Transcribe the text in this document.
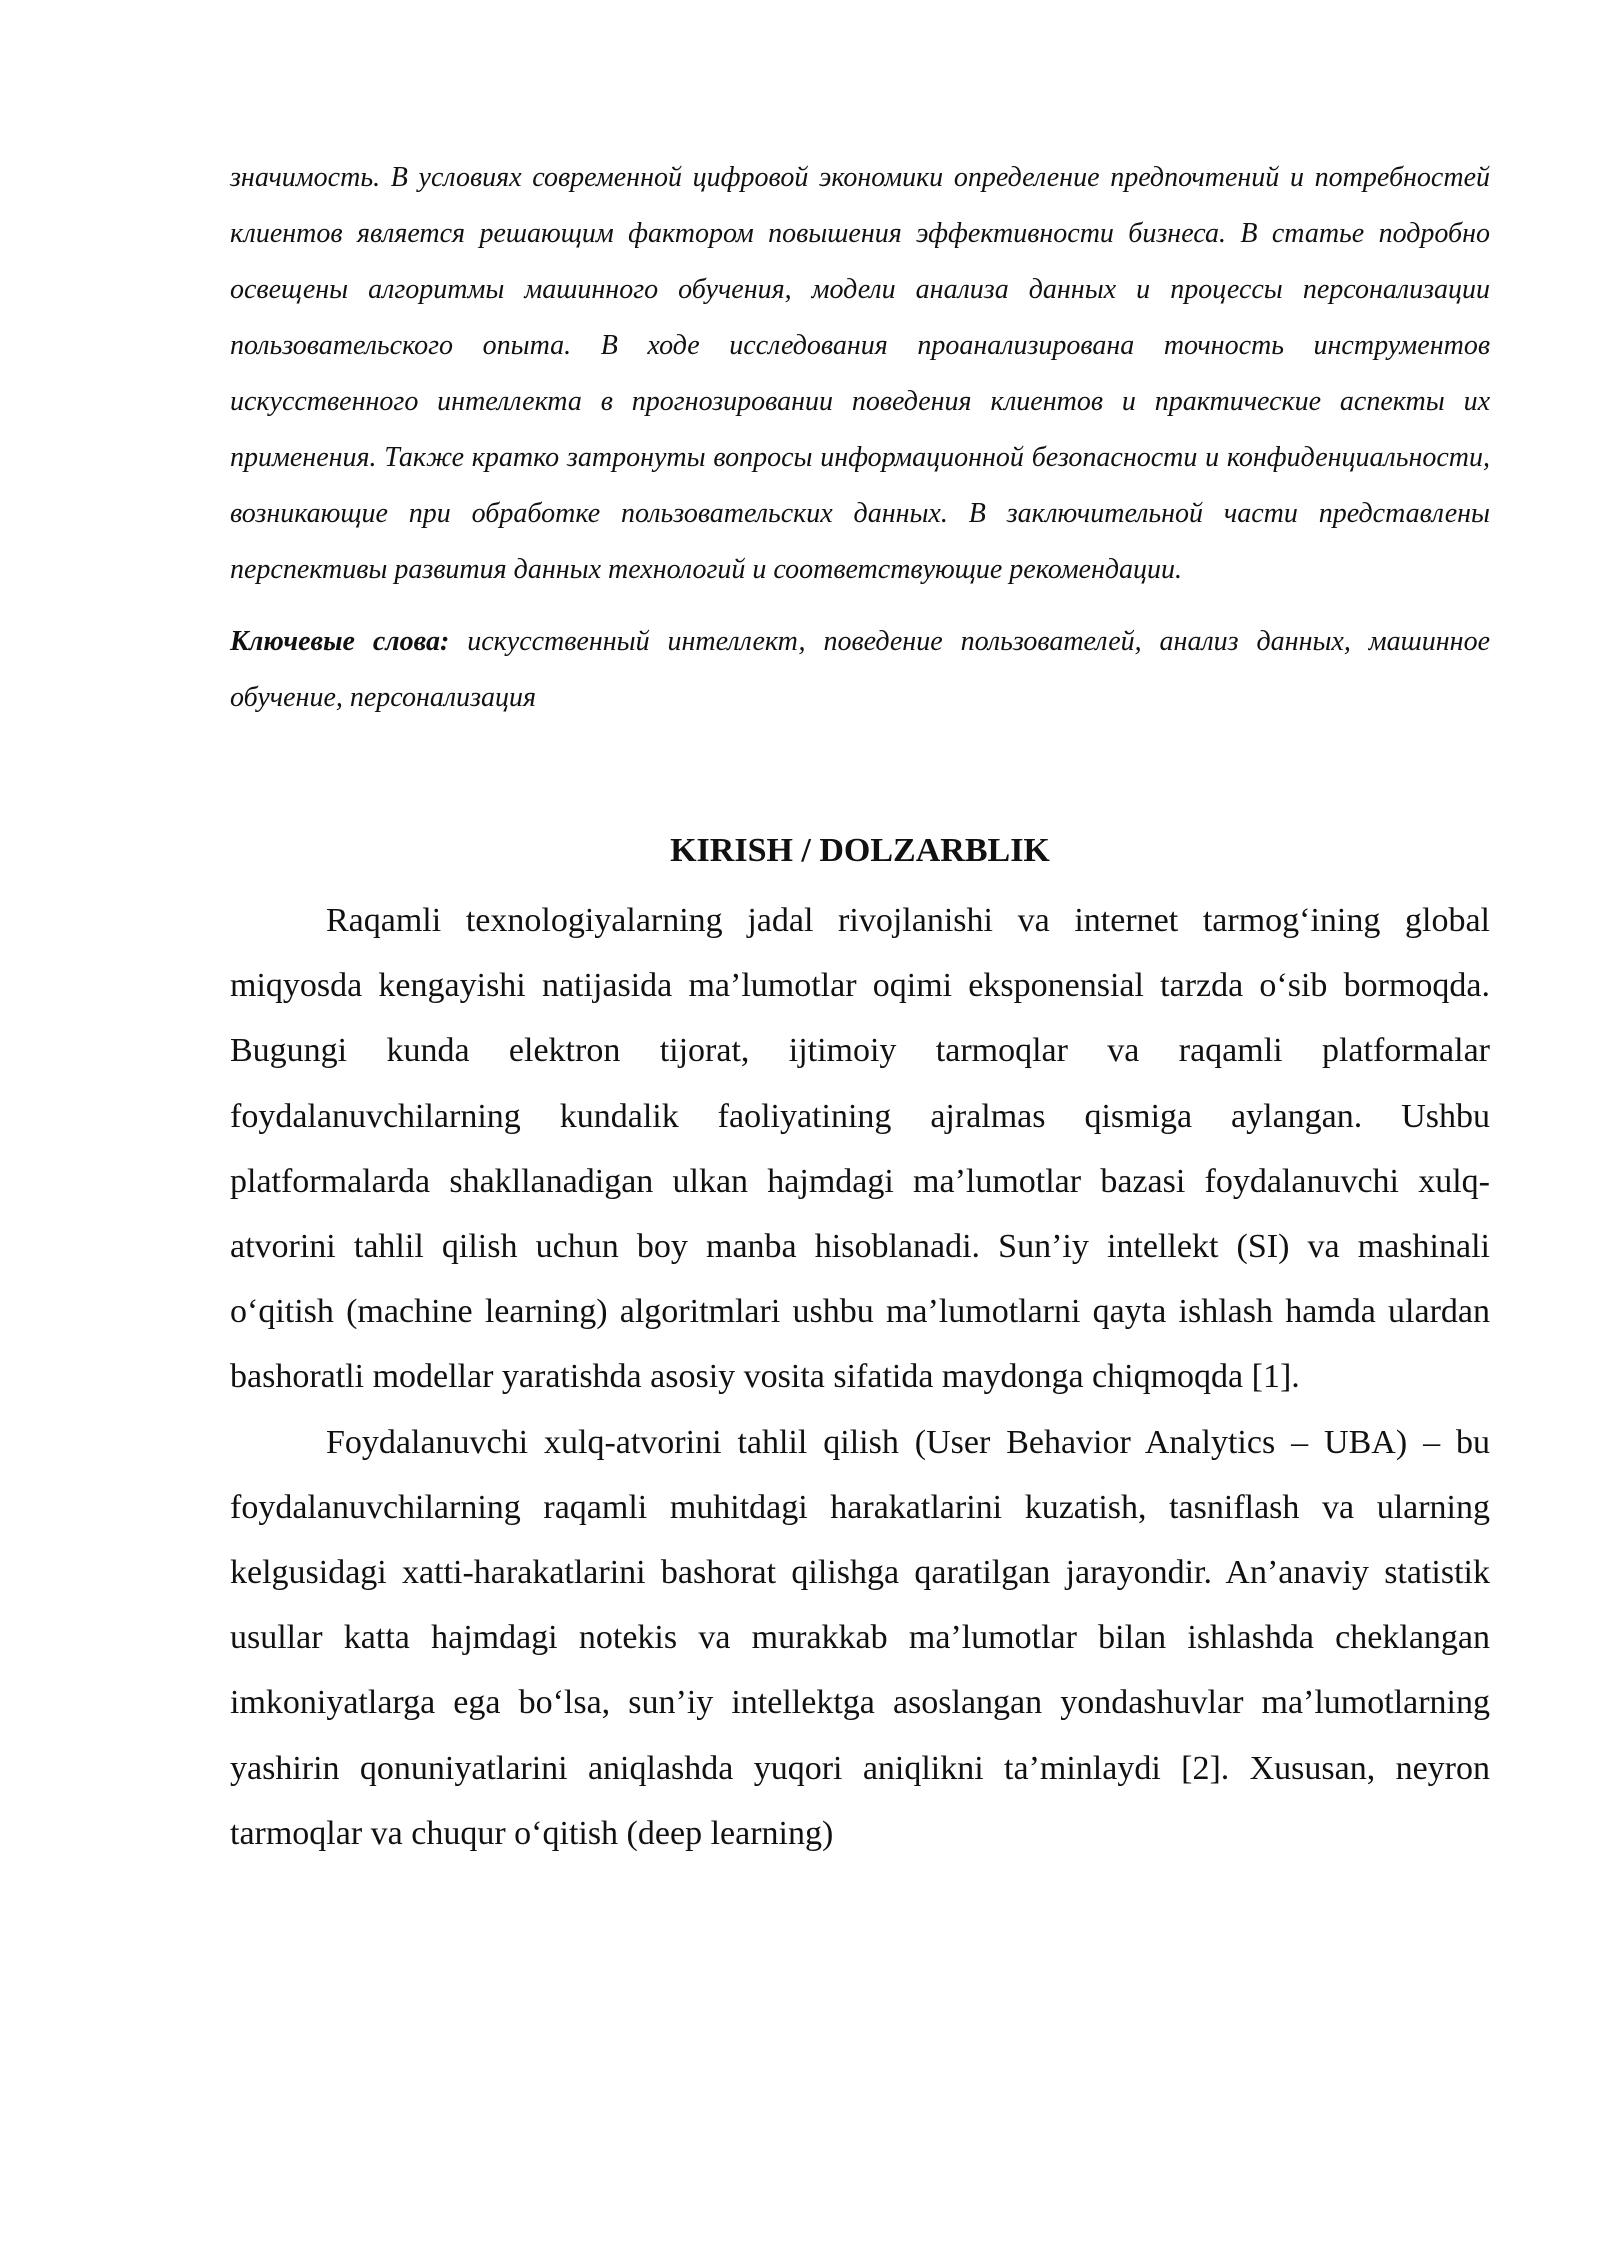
значимость. В условиях современной цифровой экономики определение предпочтений и потребностей клиентов является решающим фактором повышения эффективности бизнеса. В статье подробно освещены алгоритмы машинного обучения, модели анализа данных и процессы персонализации пользовательского опыта. В ходе исследования проанализирована точность инструментов искусственного интеллекта в прогнозировании поведения клиентов и практические аспекты их применения. Также кратко затронуты вопросы информационной безопасности и конфиденциальности, возникающие при обработке пользовательских данных. В заключительной части представлены перспективы развития данных технологий и соответствующие рекомендации.

Ключевые слова: искусственный интеллект, поведение пользователей, анализ данных, машинное обучение, персонализация

KIRISH / DOLZARBLIK

Raqamli texnologiyalarning jadal rivojlanishi va internet tarmog‘ining global miqyosda kengayishi natijasida ma’lumotlar oqimi eksponensial tarzda o‘sib bormoqda. Bugungi kunda elektron tijorat, ijtimoiy tarmoqlar va raqamli platformalar foydalanuvchilarning kundalik faoliyatining ajralmas qismiga aylangan. Ushbu platformalarda shakllanadigan ulkan hajmdagi ma’lumotlar bazasi foydalanuvchi xulq-atvorini tahlil qilish uchun boy manba hisoblanadi. Sun’iy intellekt (SI) va mashinali o‘qitish (machine learning) algoritmlari ushbu ma’lumotlarni qayta ishlash hamda ulardan bashoratli modellar yaratishda asosiy vosita sifatida maydonga chiqmoqda [1].

Foydalanuvchi xulq-atvorini tahlil qilish (User Behavior Analytics – UBA) – bu foydalanuvchilarning raqamli muhitdagi harakatlarini kuzatish, tasniflash va ularning kelgusidagi xatti-harakatlarini bashorat qilishga qaratilgan jarayondir. An’anaviy statistik usullar katta hajmdagi notekis va murakkab ma’lumotlar bilan ishlashda cheklangan imkoniyatlarga ega bo‘lsa, sun’iy intellektga asoslangan yondashuvlar ma’lumotlarning yashirin qonuniyatlarini aniqlashda yuqori aniqlikni ta’minlaydi [2]. Xususan, neyron tarmoqlar va chuqur o‘qitish (deep learning)
